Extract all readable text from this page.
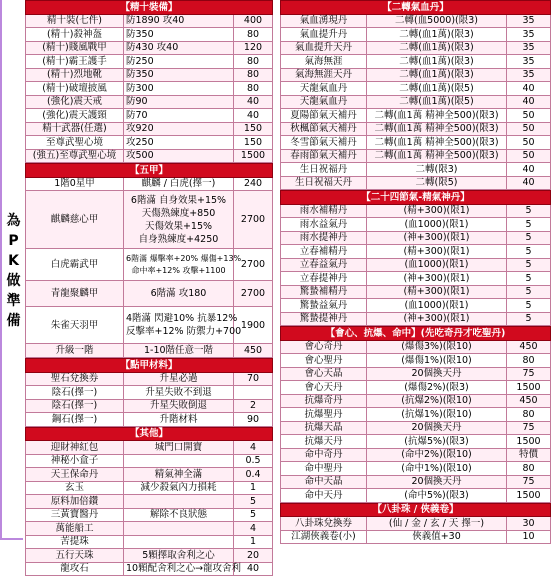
為
P
K
做
準
備
【精十裝備】		
精十裝(七件)	防1890 攻40	400
(精十)殺神盔	防350	80
(精十)賤風戰甲	防430 攻40	120
(精十)霸王護手	防250	80
(精十)烈地靴	防350	80
(精十)破壇披風	防300	80
(強化)震天戒	防90	40
(強化)震天護頸	防70	40
精十武器(任選)	攻920	150
至尊武聖心境	攻250	150
(強五)至尊武聖心境	攻500	1500
【五甲】		
1階0星甲	麒麟 / 白虎(擇一)	240
麒麟慈心甲	6階滿 自身效果+15%
天傷熟練度+850
天傷效果+15%
自身熟練度+4250	2700
白虎霸武甲	6階滿 爆擊率+20% 爆傷+13%
命中率+12% 攻擊+1100	2700
青龍聚麟甲	6階滿 攻180	2700
朱雀天羽甲	4階滿 閃避10% 抗暴12%
反擊率+12% 防禦力+700	1900
升級一階	1-10階任意一階	450
【點甲材料】		
聖石兌換券	升星必過	70
陰石(擇一)	升星失敗不到退	
陰石(擇一)	升星失敗倒退	2
鋼石(擇一)	升階材料	90
【其他】		
迎財神紅包	城門口開寶	4
神秘小盒子		0.5
天王保命丹	精氣神全滿	0.4
玄玉	減少殺氣內力損耗	1
原料加倍鑽		5
三黃寶醫丹	解除不良狀態	5
萬能船工		4
苦提珠		1
五行天珠	5顆擇取舍利之心	20
龍攻石	10顆配舍利之心→龍攻舍利	40
【二轉氣血丹】		
氣血湧現丹	二轉(血5000)(限3)	35
氣血提升丹	二轉(血1萬)(限3)	35
氣血提升天丹	二轉(血1萬)(限3)	35
氣海無涯	二轉(血1萬)(限3)	35
氣海無涯天丹	二轉(血1萬)(限3)	35
天龍氣血丹	二轉(血1萬)(限5)	40
天龍氣血丹	二轉(血1萬)(限5)	40
夏陽節氣天補丹	二轉(血1萬 精神全500)(限3)	50
秋楓節氣天補丹	二轉(血1萬 精神全500)(限3)	50
冬雪節氣天補丹	二轉(血1萬 精神全500)(限3)	50
春雨節氣天補丹	二轉(血1萬 精神全500)(限3)	50
生日祝福丹	二轉(限3)	40
生日祝福天丹	二轉(限5)	40
【二十四節氣-精氣神丹】		
雨水補精丹	(精+300)(限1)	5
雨水益氣丹	(血1000)(限1)	5
雨水提神丹	(神+300)(限1)	5
立春補精丹	(精+300)(限1)	5
立春益氣丹	(血1000)(限1)	5
立春提神丹	(神+300)(限1)	5
驚蟄補精丹	(精+300)(限1)	5
驚蟄益氣丹	(血1000)(限1)	5
驚蟄提神丹	(神+300)(限1)	5
【會心、抗爆、命中】(先吃奇丹才吃聖丹)		
會心奇丹	(爆傷3%)(限10)	450
會心聖丹	(爆傷1%)(限10)	80
會心天晶	20個換天丹	75
會心天丹	(爆傷2%)(限3)	1500
抗爆奇丹	(抗爆2%)(限10)	450
抗爆聖丹	(抗爆1%)(限10)	80
抗爆天晶	20個換天丹	75
抗爆天丹	(抗爆5%)(限3)	1500
命中奇丹	(命中2%)(限10)	特價
命中聖丹	(命中1%)(限10)	80
命中天晶	20個換天丹	75
命中天丹	(命中5%)(限3)	1500
【八卦珠 / 俠義卷】		
八卦珠兌換券	(仙 / 金 / 玄 / 天 擇一)	30
江湖俠義卷(小)	俠義值+30	10
